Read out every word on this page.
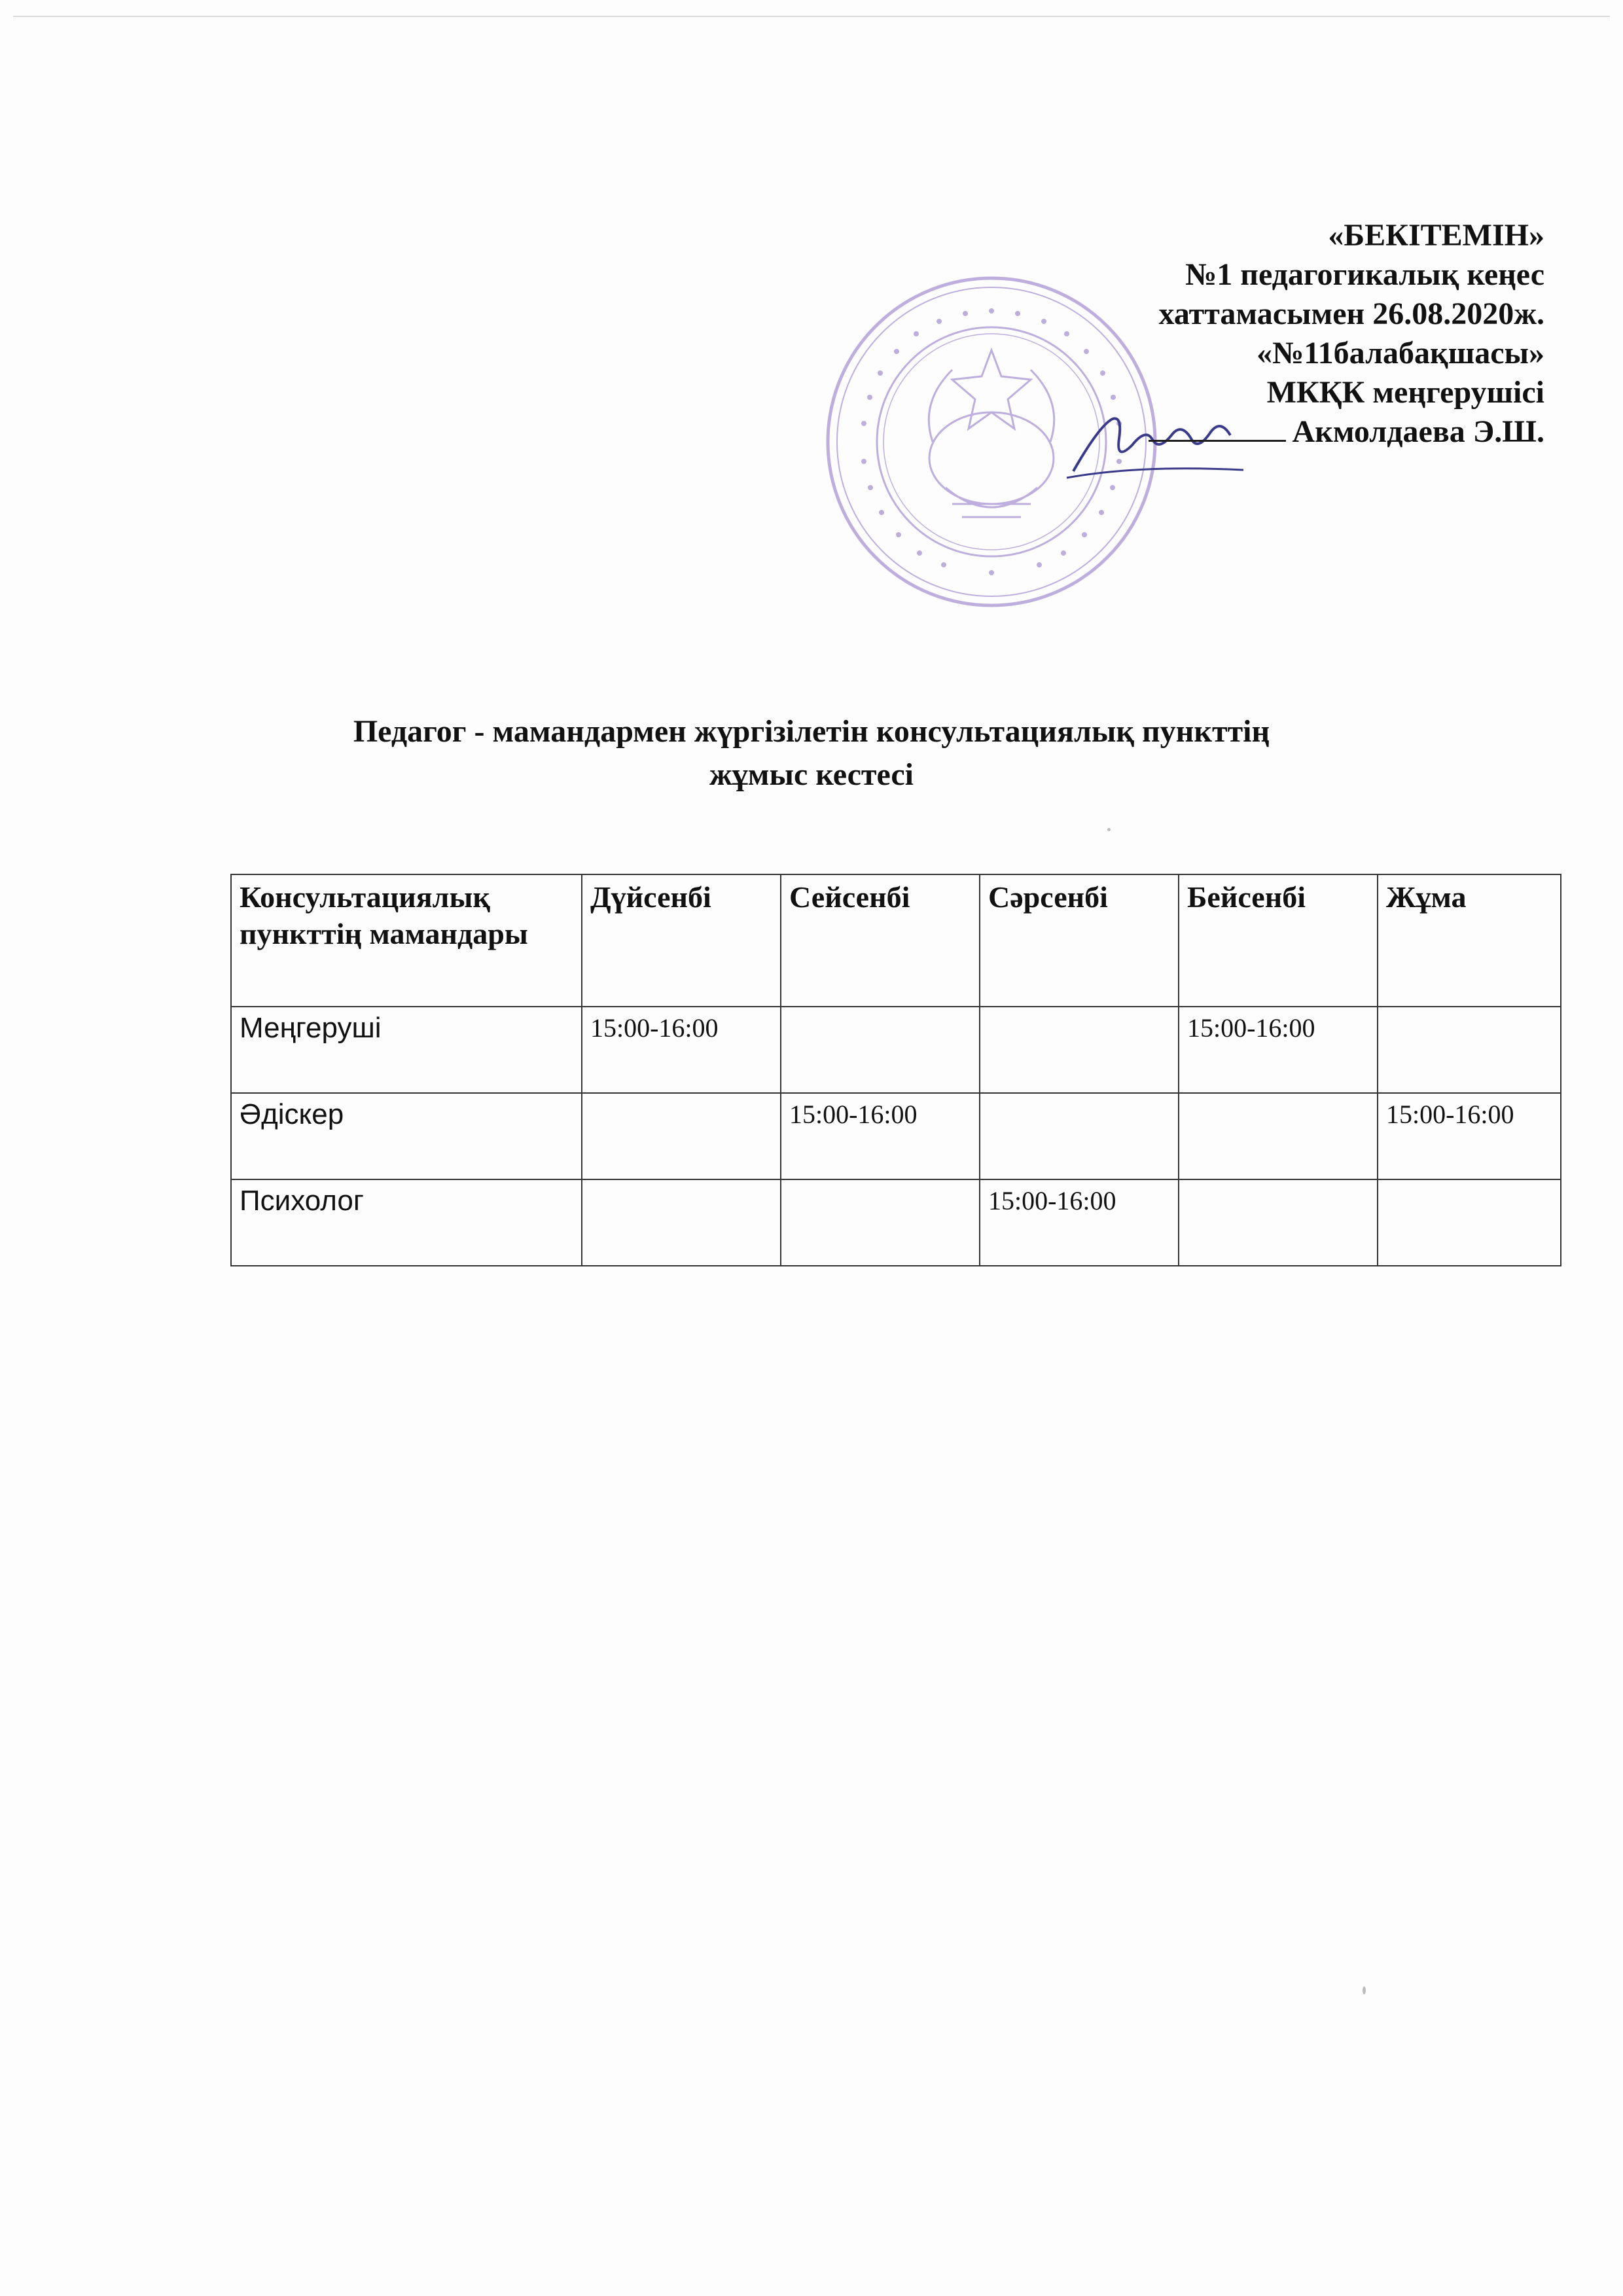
«БЕКІТЕМІН»
№1 педагогикалық кеңес
хаттамасымен 26.08.2020ж.
«№11балабақшасы»
МКҚК меңгерушісі
Акмолдаева Э.Ш.
Педагог - мамандармен жүргізілетін консультациялық пункттің
жұмыс кестесі
Консультациялық пункттің мамандары	Дүйсенбі	Сейсенбі	Сәрсенбі	Бейсенбі	Жұма
Меңгеруші	15:00-16:00			15:00-16:00	
Әдіскер		15:00-16:00			15:00-16:00
Психолог			15:00-16:00		
